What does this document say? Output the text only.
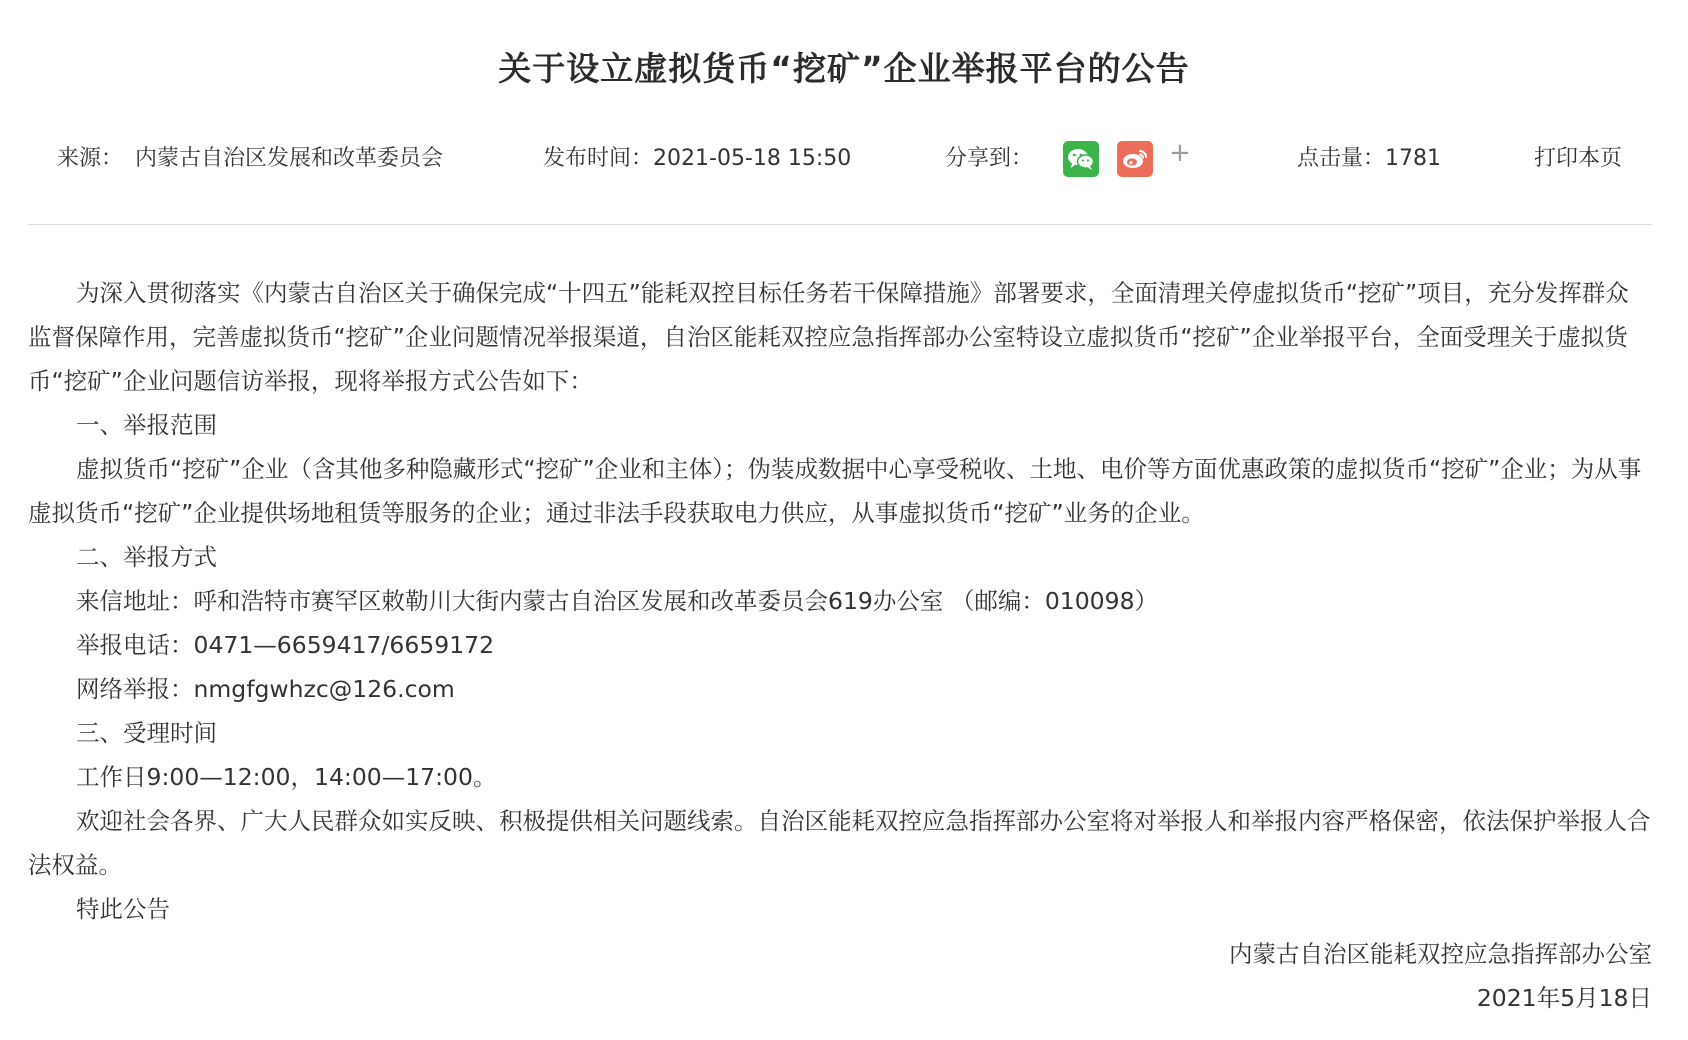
关于设立虚拟货币“挖矿”企业举报平台的公告
来源： 内蒙古自治区发展和改革委员会	发布时间：2021-05-18 15:50	分享到：	+	点击量：1781	打印本页

为深入贯彻落实《内蒙古自治区关于确保完成“十四五”能耗双控目标任务若干保障措施》部署要求，全面清理关停虚拟货币“挖矿”项目，充分发挥群众监督保障作用，完善虚拟货币“挖矿”企业问题情况举报渠道，自治区能耗双控应急指挥部办公室特设立虚拟货币“挖矿”企业举报平台，全面受理关于虚拟货币“挖矿”企业问题信访举报，现将举报方式公告如下：

一、举报范围

虚拟货币“挖矿”企业（含其他多种隐藏形式“挖矿”企业和主体）；伪装成数据中心享受税收、土地、电价等方面优惠政策的虚拟货币“挖矿”企业；为从事虚拟货币“挖矿”企业提供场地租赁等服务的企业；通过非法手段获取电力供应，从事虚拟货币“挖矿”业务的企业。

二、举报方式

来信地址：呼和浩特市赛罕区敕勒川大街内蒙古自治区发展和改革委员会619办公室 （邮编：010098）

举报电话：0471—6659417/6659172

网络举报：nmgfgwhzc@126.com

三、受理时间

工作日9:00—12:00，14:00—17:00。

欢迎社会各界、广大人民群众如实反映、积极提供相关问题线索。自治区能耗双控应急指挥部办公室将对举报人和举报内容严格保密，依法保护举报人合法权益。

特此公告

内蒙古自治区能耗双控应急指挥部办公室
2021年5月18日
